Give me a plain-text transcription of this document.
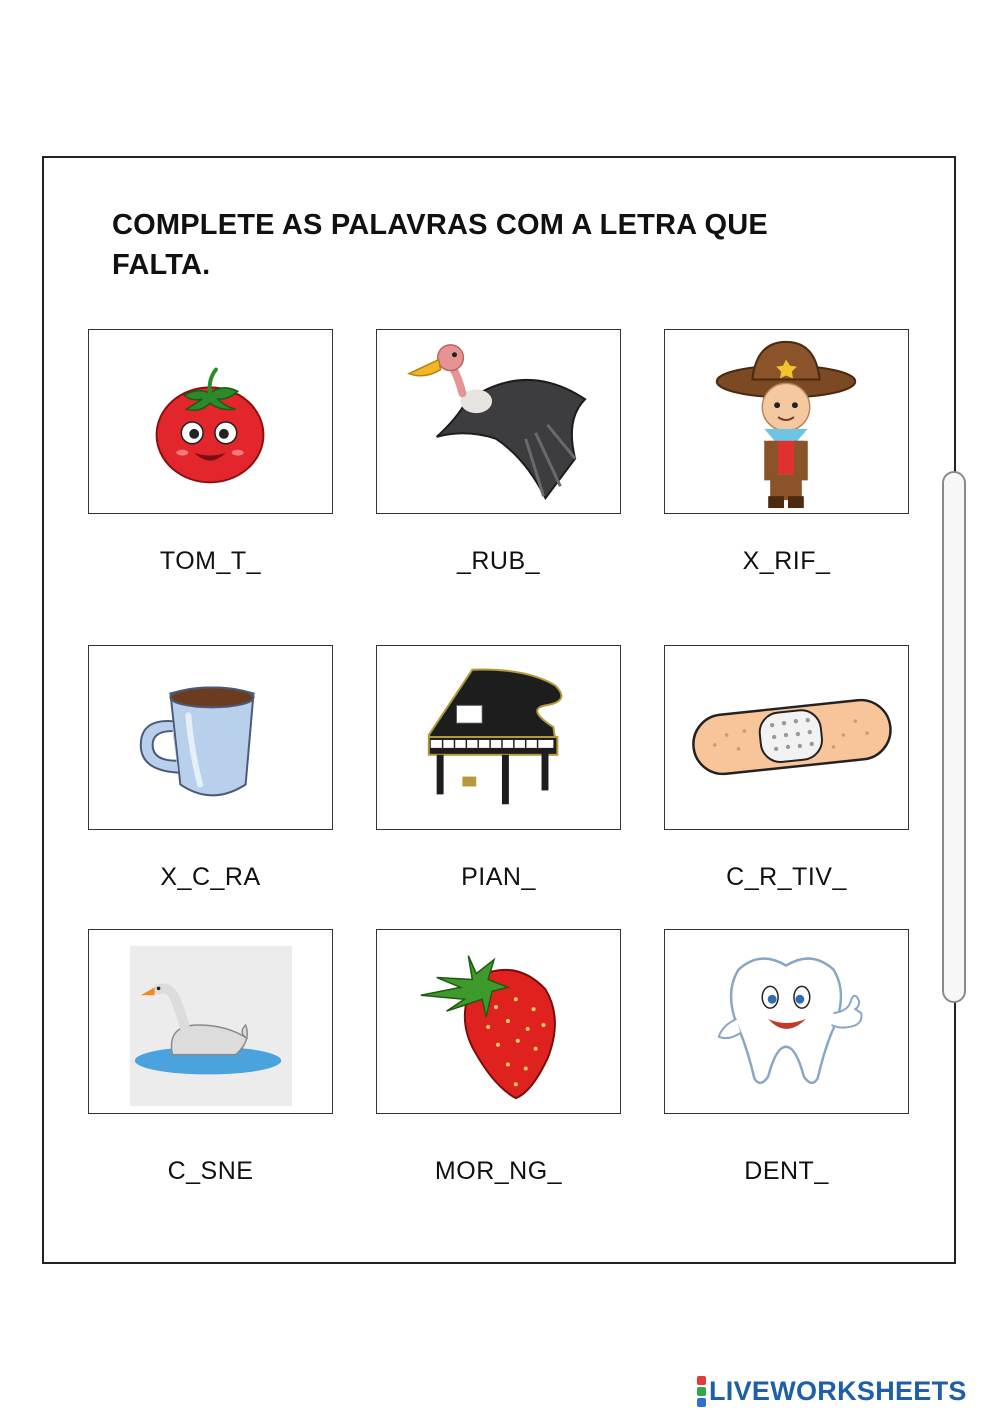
COMPLETE AS PALAVRAS COM A LETRA QUE FALTA.
TOM_T_	_RUB_	X_RIF_
X_C_RA	PIAN_	C_R_TIV_
C_SNE	MOR_NG_	DENT_
LIVEWORKSHEETS
